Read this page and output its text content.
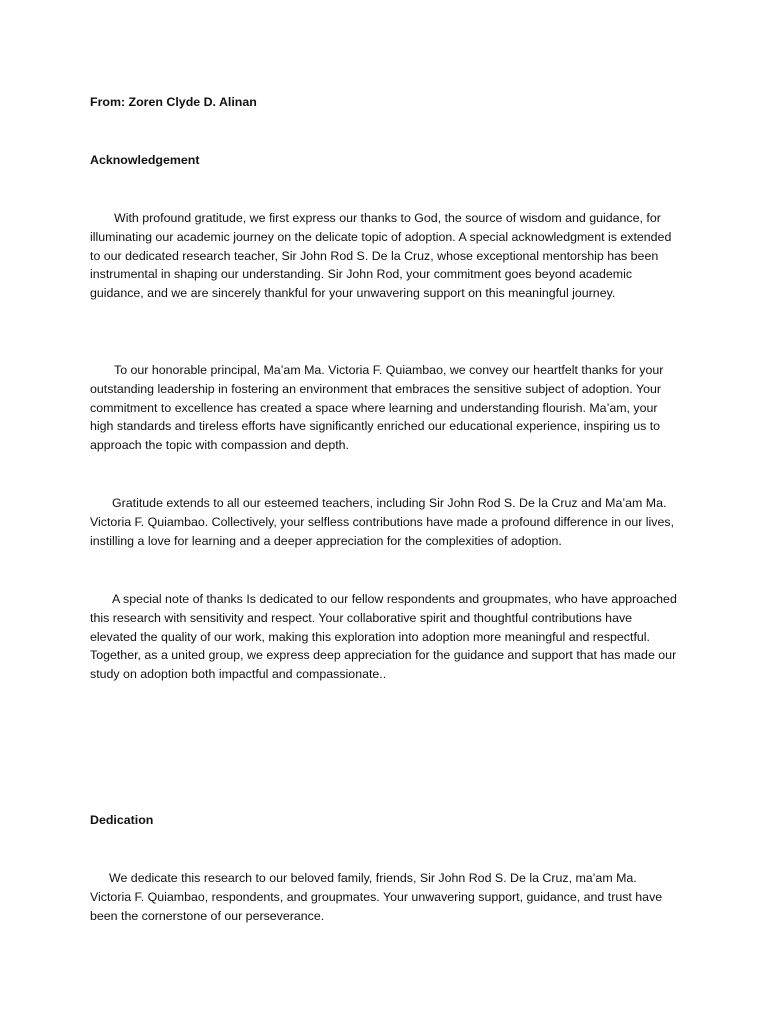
From: Zoren Clyde D. Alinan

Acknowledgement

With profound gratitude, we first express our thanks to God, the source of wisdom and guidance, for illuminating our academic journey on the delicate topic of adoption. A special acknowledgment is extended to our dedicated research teacher, Sir John Rod S. De la Cruz, whose exceptional mentorship has been instrumental in shaping our understanding. Sir John Rod, your commitment goes beyond academic guidance, and we are sincerely thankful for your unwavering support on this meaningful journey.

To our honorable principal, Ma’am Ma. Victoria F. Quiambao, we convey our heartfelt thanks for your outstanding leadership in fostering an environment that embraces the sensitive subject of adoption. Your commitment to excellence has created a space where learning and understanding flourish. Ma’am, your high standards and tireless efforts have significantly enriched our educational experience, inspiring us to approach the topic with compassion and depth.

Gratitude extends to all our esteemed teachers, including Sir John Rod S. De la Cruz and Ma’am Ma. Victoria F. Quiambao. Collectively, your selfless contributions have made a profound difference in our lives, instilling a love for learning and a deeper appreciation for the complexities of adoption.

A special note of thanks Is dedicated to our fellow respondents and groupmates, who have approached this research with sensitivity and respect. Your collaborative spirit and thoughtful contributions have elevated the quality of our work, making this exploration into adoption more meaningful and respectful. Together, as a united group, we express deep appreciation for the guidance and support that has made our study on adoption both impactful and compassionate..

Dedication

We dedicate this research to our beloved family, friends, Sir John Rod S. De la Cruz, ma’am Ma. Victoria F. Quiambao, respondents, and groupmates. Your unwavering support, guidance, and trust have been the cornerstone of our perseverance.
